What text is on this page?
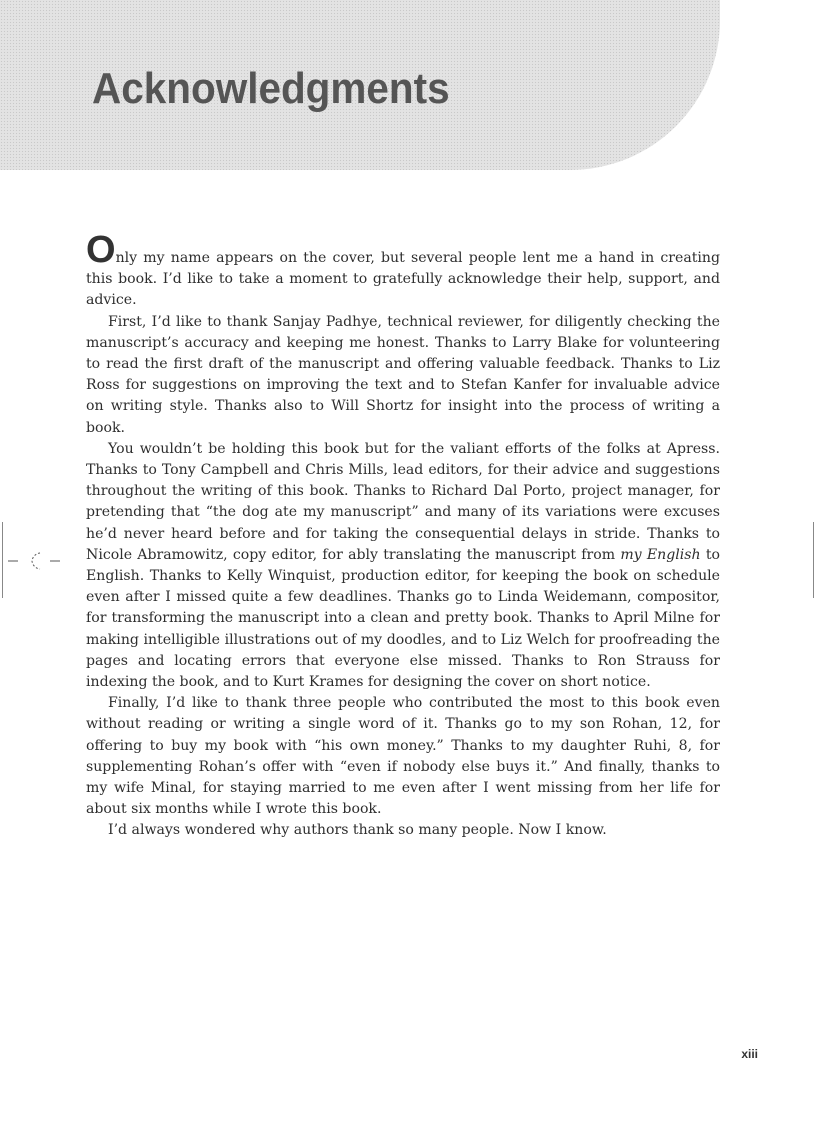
Acknowledgments

Only my name appears on the cover, but several people lent me a hand in creating this book. I’d like to take a moment to gratefully acknowledge their help, support, and advice.

First, I’d like to thank Sanjay Padhye, technical reviewer, for diligently checking the manuscript’s accuracy and keeping me honest. Thanks to Larry Blake for volunteering to read the first draft of the manuscript and offering valuable feedback. Thanks to Liz Ross for suggestions on improving the text and to Stefan Kanfer for invaluable advice on writing style. Thanks also to Will Shortz for insight into the process of writing a book.

You wouldn’t be holding this book but for the valiant efforts of the folks at Apress. Thanks to Tony Campbell and Chris Mills, lead editors, for their advice and suggestions throughout the writing of this book. Thanks to Richard Dal Porto, project manager, for pretending that “the dog ate my manuscript” and many of its variations were excuses he’d never heard before and for taking the consequential delays in stride. Thanks to Nicole Abramowitz, copy editor, for ably translating the manuscript from my English to English. Thanks to Kelly Winquist, production editor, for keeping the book on schedule even after I missed quite a few deadlines. Thanks go to Linda Weidemann, compositor, for transforming the manuscript into a clean and pretty book. Thanks to April Milne for making intelligible illustrations out of my doodles, and to Liz Welch for proofreading the pages and locating errors that everyone else missed. Thanks to Ron Strauss for indexing the book, and to Kurt Krames for designing the cover on short notice.

Finally, I’d like to thank three people who contributed the most to this book even without reading or writing a single word of it. Thanks go to my son Rohan, 12, for offering to buy my book with “his own money.” Thanks to my daughter Ruhi, 8, for supplementing Rohan’s offer with “even if nobody else buys it.” And finally, thanks to my wife Minal, for staying married to me even after I went missing from her life for about six months while I wrote this book.

I’d always wondered why authors thank so many people. Now I know.

xiii
